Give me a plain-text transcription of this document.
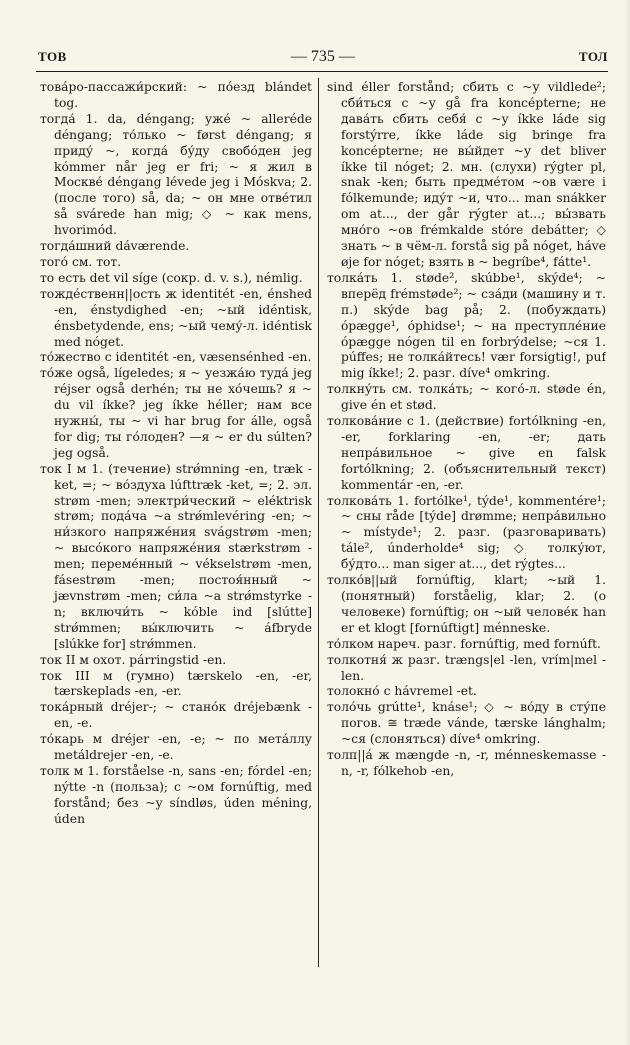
ТОВ	— 735 —	ТОЛ

това́ро-пассажи́рский: ~ по́езд blándet tog.

тогда́ 1. da, déngang; уже́ ~ alleréde déngang; то́лько ~ først déngang; я приду́ ~, когда́ бу́ду свобо́ден jeg kómmer når jeg er fri; ~ я жил в Москве́ déngang lévede jeg i Móskva; 2. (после того) så, da; ~ он мне отве́тил så svárede han mig; ◇ ~ как mens, hvorimód.

тогда́шний dáværende.

того́ см. тот.

то есть det vil síge (сокр. d. v. s.), némlig.

тожде́ственн||ость ж identitét -en, énshed -en, énstydighed -en; ~ый idéntisk, énsbetydende, ens; ~ый чему́-л. idéntisk med nóget.

то́жество с identitét -en, væsensénhed -en.

то́же også, lígeledes; я ~ уезжа́ю туда́ jeg réjser også derhén; ты не хо́чешь? я ~ du vil íkke? jeg íkke héller; нам все нужны́, ты ~ vi har brug for álle, også for dig; ты го́лоден? —я ~ er du súlten? jeg også.

ток I м 1. (течение) strǿmning -en, træk -ket, =; ~ во́здуха lúfttræk -ket, =; 2. эл. strøm -men; электри́ческий ~ eléktrisk strøm; пода́ча ~а strǿmlevéring -en; ~ ни́зкого напряже́ния svágstrøm -men; ~ высо́кого напряже́ния stærkstrøm -men; переме́нный ~ vékselstrøm -men, fásestrøm -men; постоя́нный ~ jævnstrøm -men; си́ла ~а strǿmstyrke -n; включи́ть ~ kóble ind [slútte] strǿmmen; вы́ключить ~ áfbryde [slúkke for] strǿmmen.

ток II м охот. párringstid -en.

ток III м (гумно) tærskelo -en, -er, tærskeplads -en, -er.

тока́рный dréjer-; ~ стано́к dréjebænk -en, -e.

то́карь м dréjer -en, -e; ~ по мета́ллу metáldrejer -en, -e.

толк м 1. forståelse -n, sans -en; fórdel -en; nýtte -n (польза); с ~ом fornúftig, med forstånd; без ~у síndløs, úden méning, úden

sind éller forstånd; сбить с ~у vildlede²; сби́ться с ~у gå fra koncépterne; не дава́ть сбить себя́ с ~у íkke láde sig forstýrre, íkke láde sig bringe fra koncépterne; не вы́йдет ~у det bliver íkke til nóget; 2. мн. (слухи) rýgter pl, snak -ken; быть предме́том ~ов være i fólkemunde; иду́т ~и, что... man snákker om at..., der går rýgter at...; вы́звать мно́го ~ов frémkalde stóre debátter; ◇ знать ~ в чём-л. forstå sig på nóget, háve øje for nóget; взять в ~ begríbe⁴, fátte¹.

толка́ть 1. støde², skúbbe¹, skýde⁴; ~ вперёд frémstøde²; ~ сза́ди (машину и т. п.) skýde bag på; 2. (побуждать) ópægge¹, óphidse¹; ~ на преступле́ние ópægge nógen til en forbrýdelse; ~ся 1. púffes; не толка́йтесь! vær forsigtig!, puf mig íkke!; 2. разг. díve⁴ omkring.

толкну́ть см. толка́ть; ~ кого́-л. støde én, give én et stød.

толкова́ние с 1. (действие) fortólkning -en, -er, forklaring -en, -er; дать непра́вильное ~ give en falsk fortólkning; 2. (объяснительный текст) kommentár -en, -er.

толкова́ть 1. fortólke¹, týde¹, kommentére¹; ~ сны råde [týde] drømme; непра́вильно ~ místyde¹; 2. разг. (разговаривать) tále², únderholde⁴ sig; ◇ толку́ют, бу́дто... man siger at..., det rýgtes...

толко́в||ый fornúftig, klart; ~ый 1. (понятный) forståelig, klar; 2. (о человеке) fornúftig; он ~ый челове́к han er et klogt [fornúftigt] ménneske.

то́лком нареч. разг. fornúftig, med fornúft.

толкотня́ ж разг. trængs|el -len, vrím|mel -len.

толокно́ с hávremel -et.

толо́чь grútte¹, knáse¹; ◇ ~ во́ду в сту́пе погов. ≅ træde vánde, tærske lánghalm; ~ся (слоняться) díve⁴ omkring.

толп||а́ ж mængde -n, -r, ménneskemasse -n, -r, fólkehob -en,
